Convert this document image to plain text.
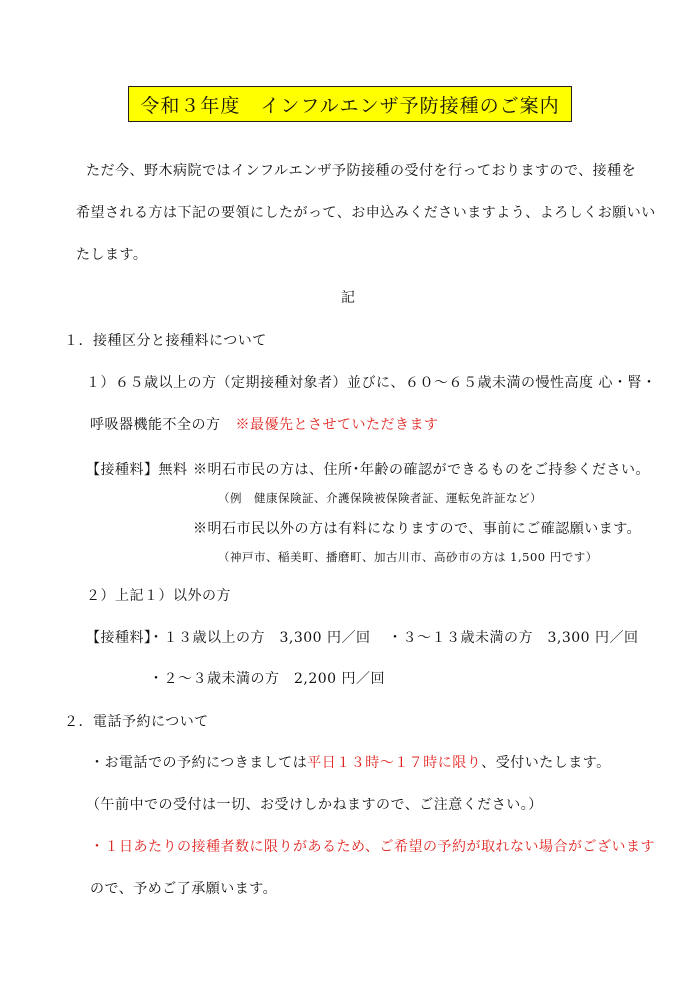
令和３年度　インフルエンザ予防接種のご案内
ただ今、野木病院ではインフルエンザ予防接種の受付を行っておりますので、接種を
希望される方は下記の要領にしたがって、お申込みくださいますよう、よろしくお願いい
たします。
記
１．接種区分と接種料について
１）６５歳以上の方（定期接種対象者）並びに、６０～６５歳未満の慢性高度 心・腎・
呼吸器機能不全の方 ※最優先とさせていただきます
【接種料】無料 ※明石市民の方は、住所･年齢の確認ができるものをご持参ください。
（例　健康保険証、介護保険被保険者証、運転免許証など）
※明石市民以外の方は有料になりますので、事前にご確認願います。
（神戸市、稲美町、播磨町、加古川市、高砂市の方は 1,500 円です）
２）上記１）以外の方
【接種料】
・１３歳以上の方　3,300 円／回 ・３～１３歳未満の方　3,300 円／回
・２～３歳未満の方　2,200 円／回
２．電話予約について
・お電話での予約につきましては平日１３時～１７時に限り、受付いたします。
（午前中での受付は一切、お受けしかねますので、ご注意ください。）
・１日あたりの接種者数に限りがあるため、ご希望の予約が取れない場合がございます
ので、予めご了承願います。
